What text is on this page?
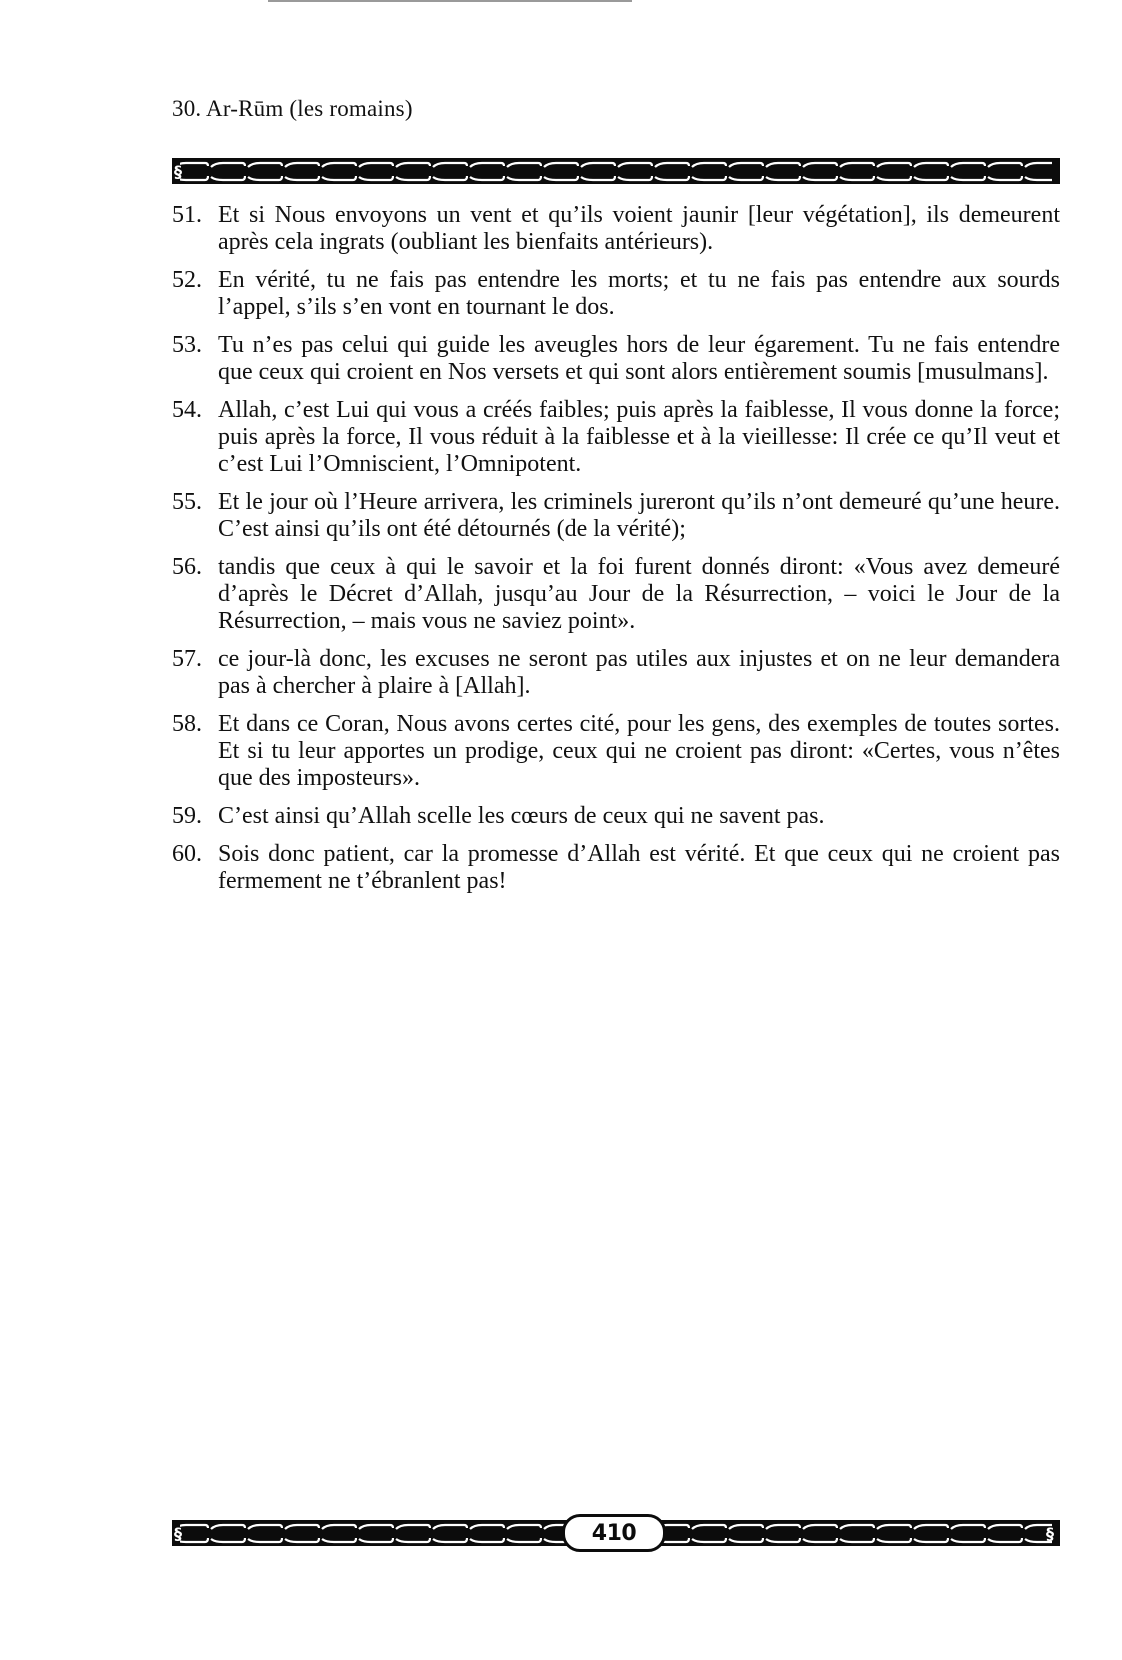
30. Ar-Rūm (les romains)
§
51. Et si Nous envoyons un vent et qu’ils voient jaunir [leur végétation], ils demeurent après cela ingrats (oubliant les bienfaits antérieurs).
52. En vérité, tu ne fais pas entendre les morts; et tu ne fais pas entendre aux sourds l’appel, s’ils s’en vont en tournant le dos.
53. Tu n’es pas celui qui guide les aveugles hors de leur égarement. Tu ne fais entendre que ceux qui croient en Nos versets et qui sont alors entièrement soumis [musulmans].
54. Allah, c’est Lui qui vous a créés faibles; puis après la faiblesse, Il vous donne la force; puis après la force, Il vous réduit à la faiblesse et à la vieillesse: Il crée ce qu’Il veut et c’est Lui l’Omniscient, l’Omnipotent.
55. Et le jour où l’Heure arrivera, les criminels jureront qu’ils n’ont demeuré qu’une heure. C’est ainsi qu’ils ont été détournés (de la vérité);
56. tandis que ceux à qui le savoir et la foi furent donnés diront: «Vous avez demeuré d’après le Décret d’Allah, jusqu’au Jour de la Résurrection, – voici le Jour de la Résurrection, – mais vous ne saviez point».
57. ce jour-là donc, les excuses ne seront pas utiles aux injustes et on ne leur demandera pas à chercher à plaire à [Allah].
58. Et dans ce Coran, Nous avons certes cité, pour les gens, des exemples de toutes sortes. Et si tu leur apportes un prodige, ceux qui ne croient pas diront: «Certes, vous n’êtes que des imposteurs».
59. C’est ainsi qu’Allah scelle les cœurs de ceux qui ne savent pas.
60. Sois donc patient, car la promesse d’Allah est vérité. Et que ceux qui ne croient pas fermement ne t’ébranlent pas!
§	§
410
